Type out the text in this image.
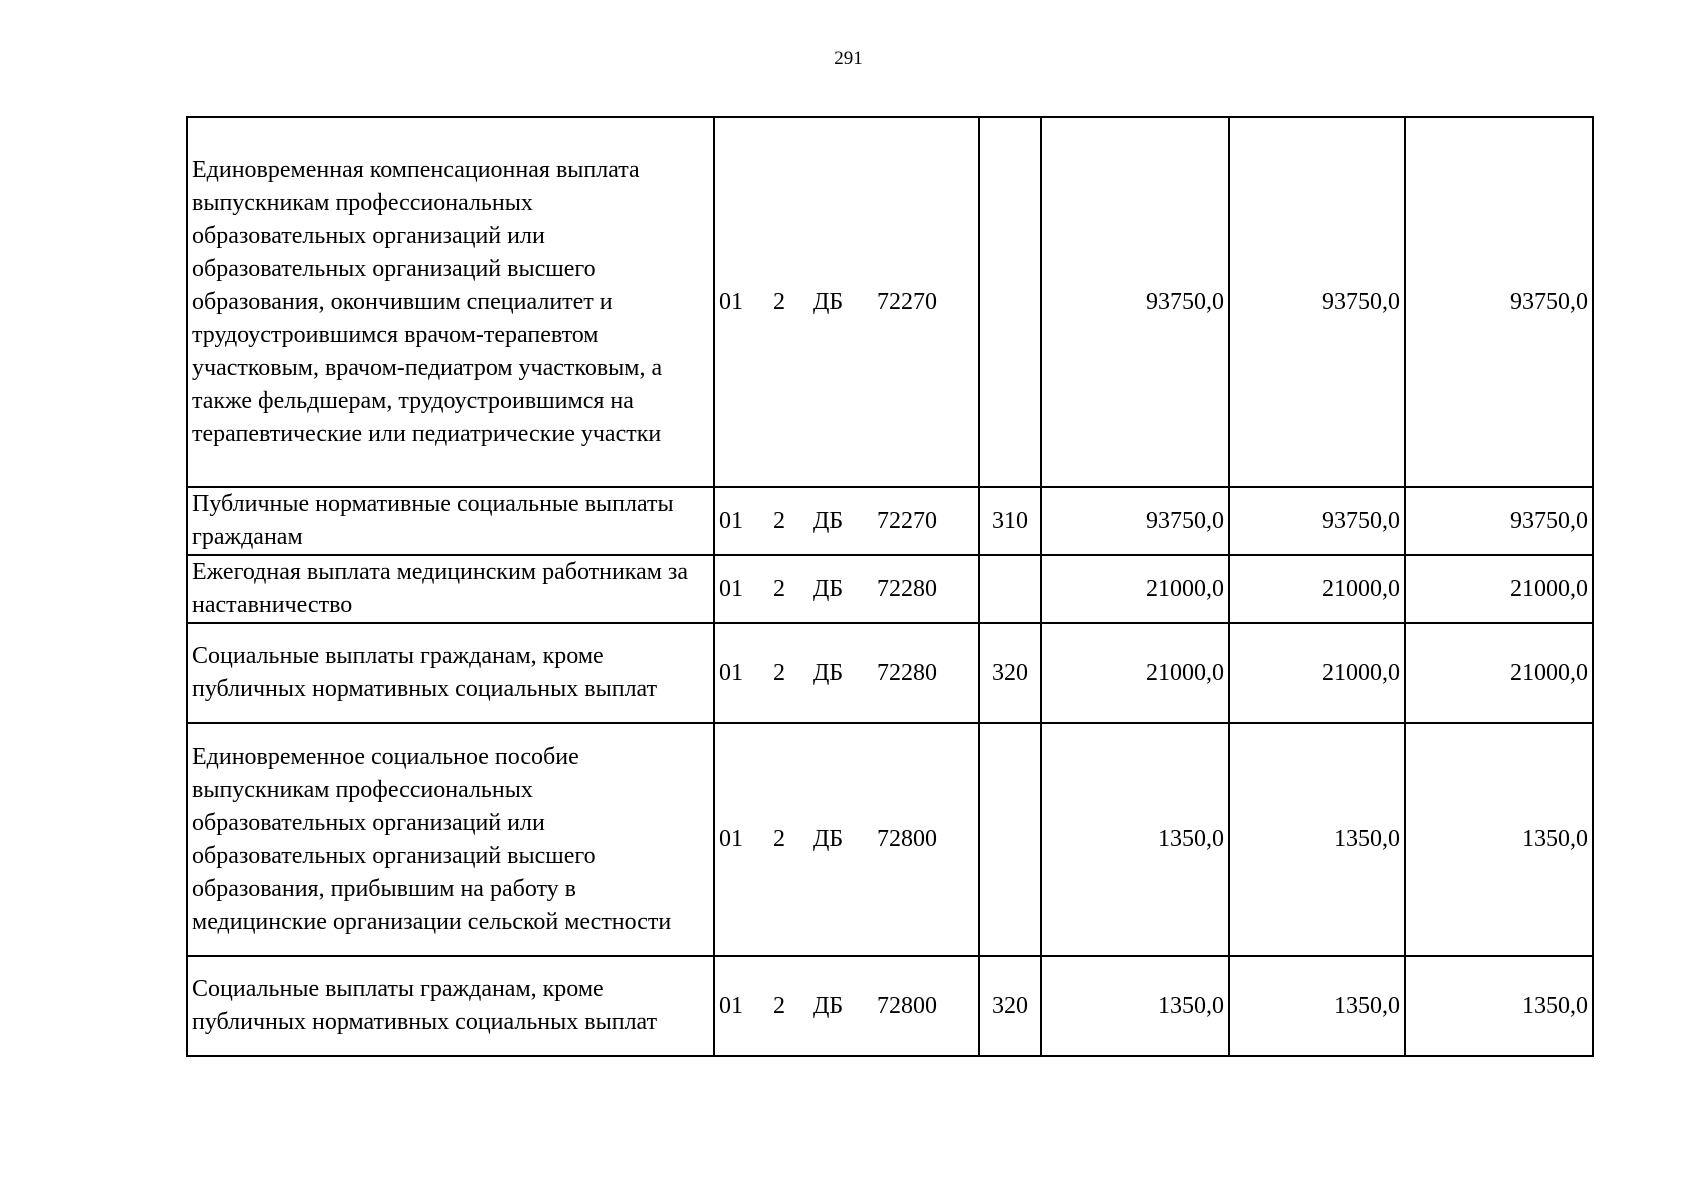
291
Единовременная компенсационная выплата выпускникам профессиональных образовательных организаций или образовательных организаций высшего образования, окончившим специалитет и трудоустроившимся врачом-терапевтом участковым, врачом-педиатром участковым, а также фельдшерам, трудоустроившимся на терапевтические или педиатрические участки	01 2 ДБ 72270		93750,0	93750,0	93750,0
Публичные нормативные социальные выплаты гражданам	01 2 ДБ 72270	310	93750,0	93750,0	93750,0
Ежегодная выплата медицинским работникам за наставничество	01 2 ДБ 72280		21000,0	21000,0	21000,0
Социальные выплаты гражданам, кроме публичных нормативных социальных выплат	01 2 ДБ 72280	320	21000,0	21000,0	21000,0
Единовременное социальное пособие выпускникам профессиональных образовательных организаций или образовательных организаций высшего образования, прибывшим на работу в медицинские организации сельской местности	01 2 ДБ 72800		1350,0	1350,0	1350,0
Социальные выплаты гражданам, кроме публичных нормативных социальных выплат	01 2 ДБ 72800	320	1350,0	1350,0	1350,0
